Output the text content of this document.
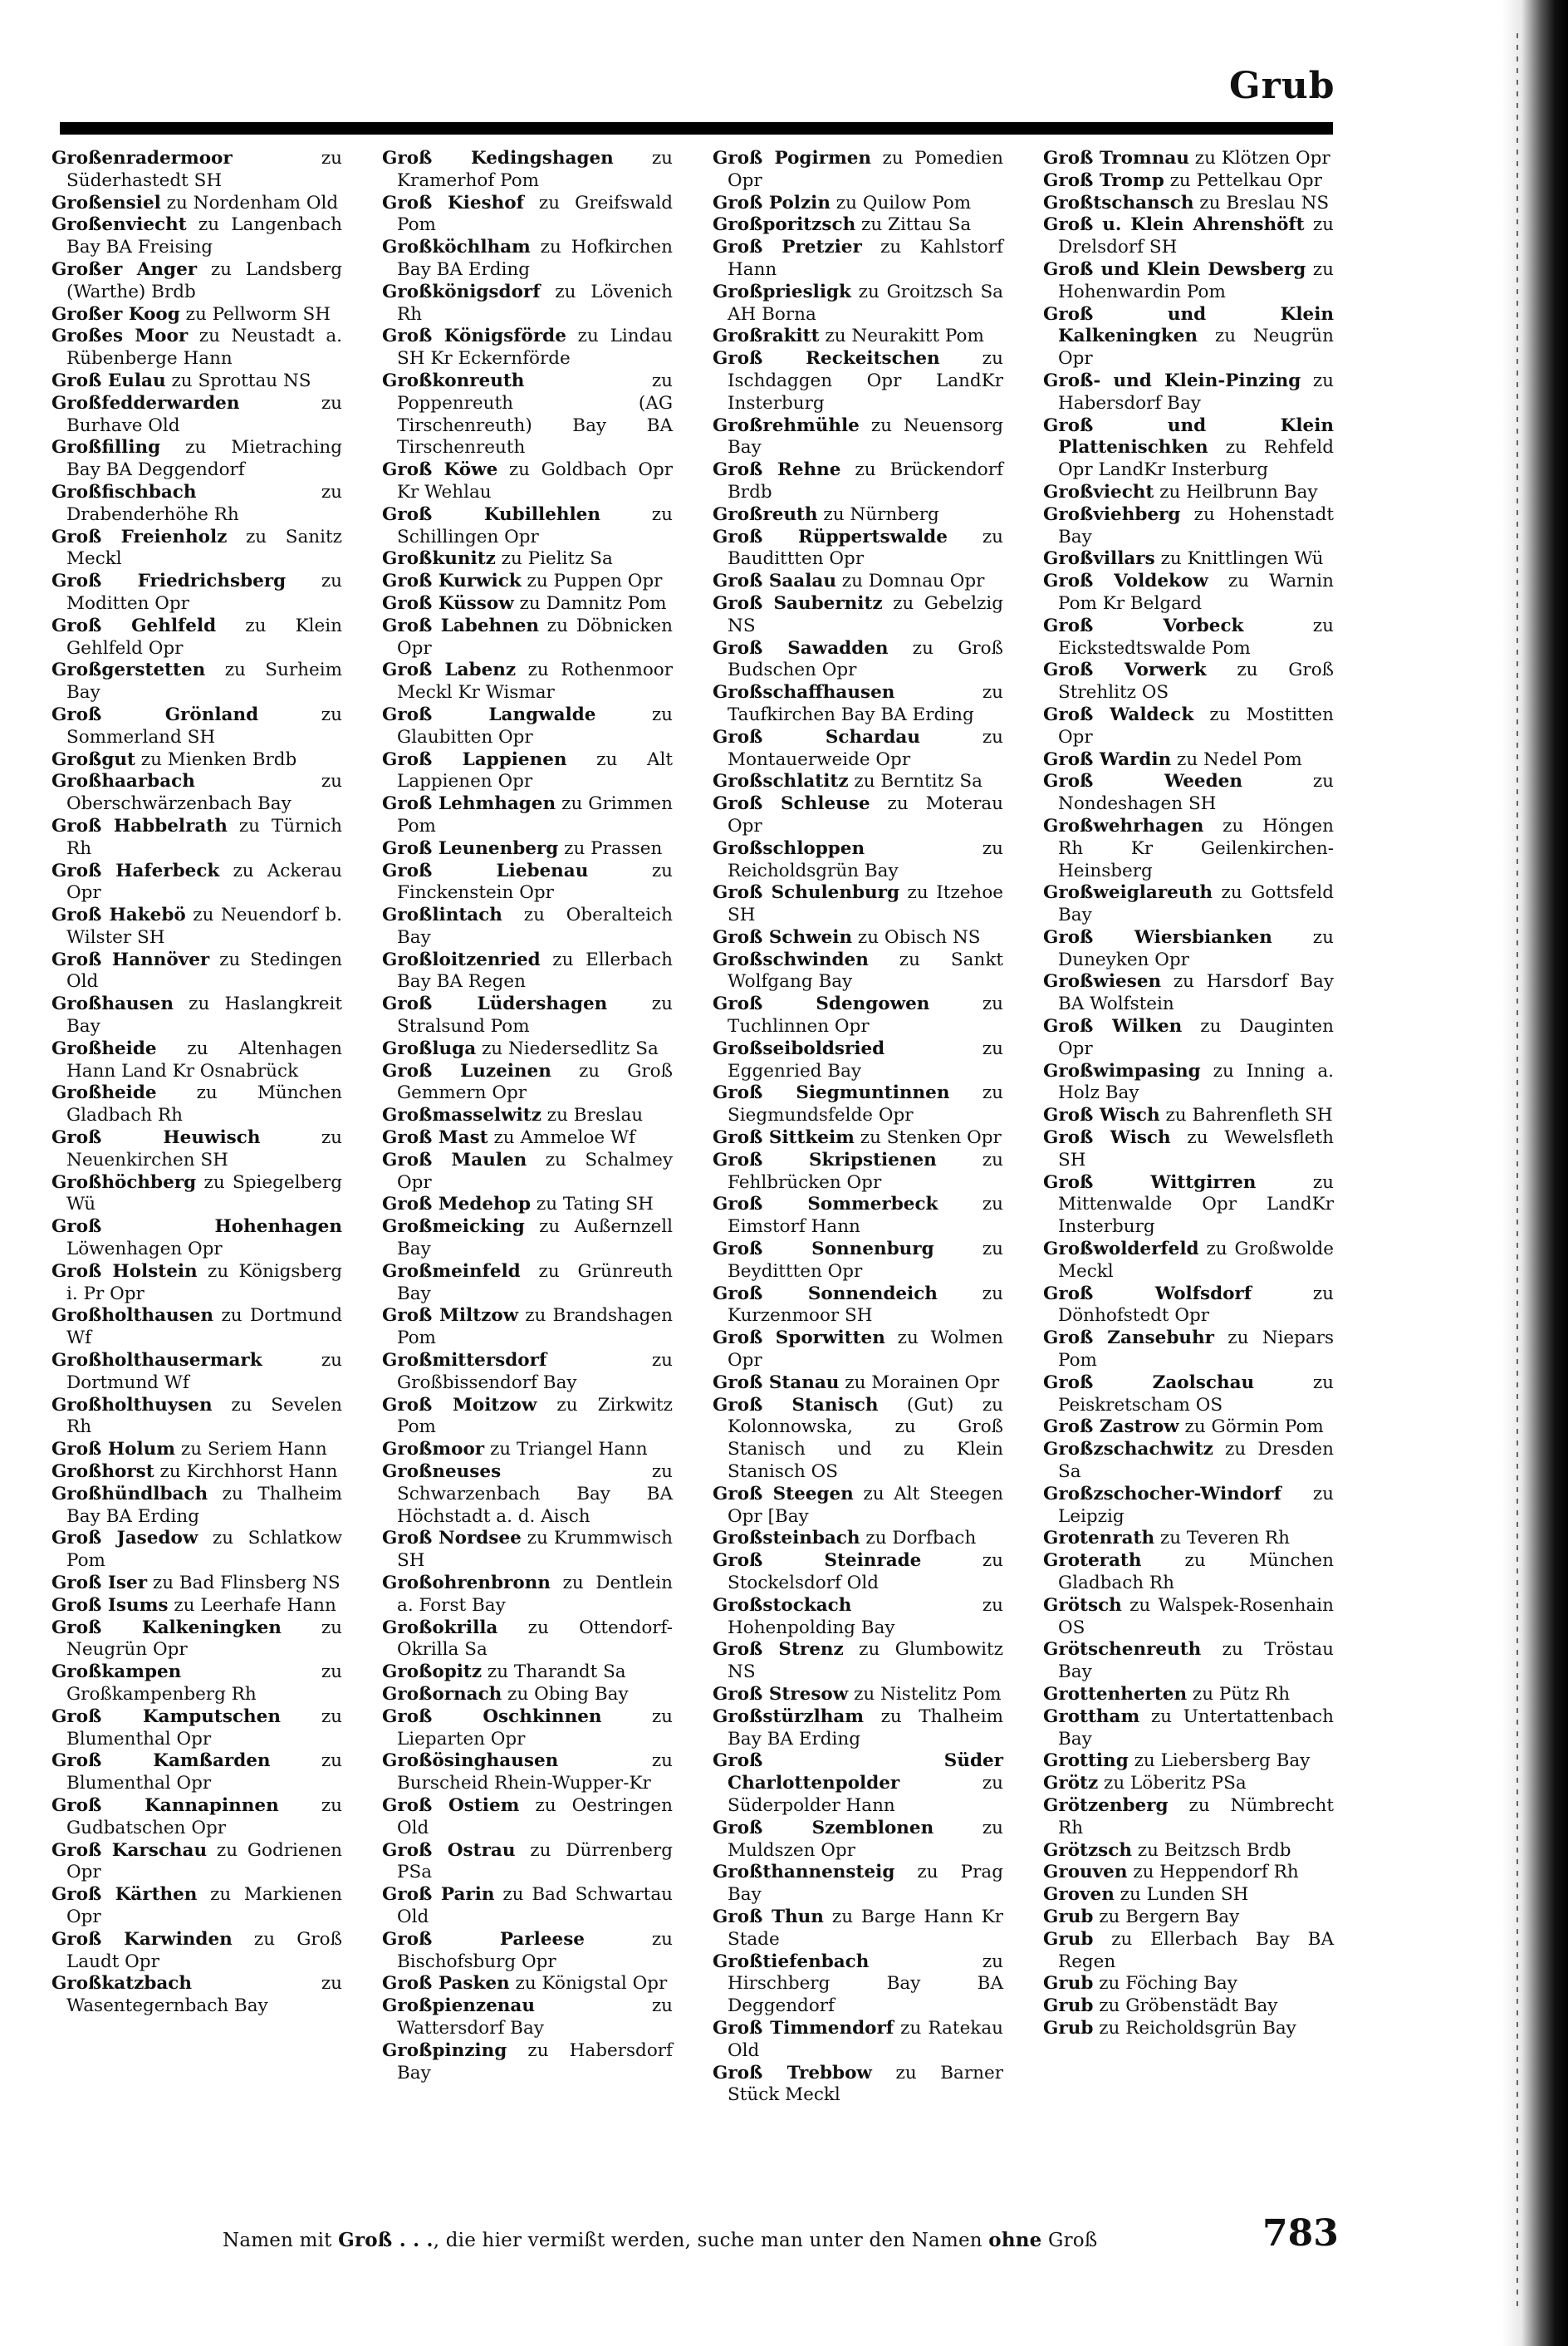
Grub
Großenradermoor zu Süderhastedt SH
Großensiel zu Nordenham Old
Großenviecht zu Langenbach Bay BA Freising
Großer Anger zu Landsberg (Warthe) Brdb
Großer Koog zu Pellworm SH
Großes Moor zu Neustadt a. Rübenberge Hann
Groß Eulau zu Sprottau NS
Großfedderwarden zu Burhave Old
Großfilling zu Mietraching Bay BA Deggendorf
Großfischbach zu Drabenderhöhe Rh
Groß Freienholz zu Sanitz Meckl
Groß Friedrichsberg zu Moditten Opr
Groß Gehlfeld zu Klein Gehlfeld Opr
Großgerstetten zu Surheim Bay
Groß Grönland zu Sommerland SH
Großgut zu Mienken Brdb
Großhaarbach zu Oberschwärzenbach Bay
Groß Habbelrath zu Türnich Rh
Groß Haferbeck zu Ackerau Opr
Groß Hakebö zu Neuendorf b. Wilster SH
Groß Hannöver zu Stedingen Old
Großhausen zu Haslangkreit Bay
Großheide zu Altenhagen Hann Land Kr Osnabrück
Großheide zu München Gladbach Rh
Groß Heuwisch zu Neuenkirchen SH
Großhöchberg zu Spiegelberg Wü
Groß Hohenhagen Löwenhagen Opr
Groß Holstein zu Königsberg i. Pr Opr
Großholthausen zu Dortmund Wf
Großholthausermark zu Dortmund Wf
Großholthuysen zu Sevelen Rh
Groß Holum zu Seriem Hann
Großhorst zu Kirchhorst Hann
Großhündlbach zu Thalheim Bay BA Erding
Groß Jasedow zu Schlatkow Pom
Groß Iser zu Bad Flinsberg NS
Groß Isums zu Leerhafe Hann
Groß Kalkeningken zu Neugrün Opr
Großkampen zu Großkampenberg Rh
Groß Kamputschen zu Blumenthal Opr
Groß Kamßarden zu Blumenthal Opr
Groß Kannapinnen zu Gudbatschen Opr
Groß Karschau zu Godrienen Opr
Groß Kärthen zu Markienen Opr
Groß Karwinden zu Groß Laudt Opr
Großkatzbach zu Wasentegernbach Bay
Groß Kedingshagen zu Kramerhof Pom
Groß Kieshof zu Greifswald Pom
Großköchlham zu Hofkirchen Bay BA Erding
Großkönigsdorf zu Lövenich Rh
Groß Königsförde zu Lindau SH Kr Eckernförde
Großkonreuth zu Poppenreuth (AG Tirschenreuth) Bay BA Tirschenreuth
Groß Köwe zu Goldbach Opr Kr Wehlau
Groß Kubillehlen zu Schillingen Opr
Großkunitz zu Pielitz Sa
Groß Kurwick zu Puppen Opr
Groß Küssow zu Damnitz Pom
Groß Labehnen zu Döbnicken Opr
Groß Labenz zu Rothenmoor Meckl Kr Wismar
Groß Langwalde zu Glaubitten Opr
Groß Lappienen zu Alt Lappienen Opr
Groß Lehmhagen zu Grimmen Pom
Groß Leunenberg zu Prassen
Groß Liebenau zu Finckenstein Opr
Großlintach zu Oberalteich Bay
Großloitzenried zu Ellerbach Bay BA Regen
Groß Lüdershagen zu Stralsund Pom
Großluga zu Niedersedlitz Sa
Groß Luzeinen zu Groß Gemmern Opr
Großmasselwitz zu Breslau
Groß Mast zu Ammeloe Wf
Groß Maulen zu Schalmey Opr
Groß Medehop zu Tating SH
Großmeicking zu Außernzell Bay
Großmeinfeld zu Grünreuth Bay
Groß Miltzow zu Brandshagen Pom
Großmittersdorf zu Großbissendorf Bay
Groß Moitzow zu Zirkwitz Pom
Großmoor zu Triangel Hann
Großneuses zu Schwarzenbach Bay BA Höchstadt a. d. Aisch
Groß Nordsee zu Krummwisch SH
Großohrenbronn zu Dentlein a. Forst Bay
Großokrilla zu Ottendorf-Okrilla Sa
Großopitz zu Tharandt Sa
Großornach zu Obing Bay
Groß Oschkinnen zu Lieparten Opr
Großösinghausen zu Burscheid Rhein-Wupper-Kr
Groß Ostiem zu Oestringen Old
Groß Ostrau zu Dürrenberg PSa
Groß Parin zu Bad Schwartau Old
Groß Parleese zu Bischofsburg Opr
Groß Pasken zu Königstal Opr
Großpienzenau zu Wattersdorf Bay
Großpinzing zu Habersdorf Bay
Groß Pogirmen zu Pomedien Opr
Groß Polzin zu Quilow Pom
Großporitzsch zu Zittau Sa
Groß Pretzier zu Kahlstorf Hann
Großpriesligk zu Groitzsch Sa AH Borna
Großrakitt zu Neurakitt Pom
Groß Reckeitschen zu Ischdaggen Opr LandKr Insterburg
Großrehmühle zu Neuensorg Bay
Groß Rehne zu Brückendorf Brdb
Großreuth zu Nürnberg
Groß Rüppertswalde zu Baudittten Opr
Groß Saalau zu Domnau Opr
Groß Saubernitz zu Gebelzig NS
Groß Sawadden zu Groß Budschen Opr
Großschaffhausen zu Taufkirchen Bay BA Erding
Groß Schardau zu Montauerweide Opr
Großschlatitz zu Berntitz Sa
Groß Schleuse zu Moterau Opr
Großschloppen zu Reicholdsgrün Bay
Groß Schulenburg zu Itzehoe SH
Groß Schwein zu Obisch NS
Großschwinden zu Sankt Wolfgang Bay
Groß Sdengowen zu Tuchlinnen Opr
Großseiboldsried zu Eggenried Bay
Groß Siegmuntinnen zu Siegmundsfelde Opr
Groß Sittkeim zu Stenken Opr
Groß Skripstienen zu Fehlbrücken Opr
Groß Sommerbeck zu Eimstorf Hann
Groß Sonnenburg zu Beydittten Opr
Groß Sonnendeich zu Kurzenmoor SH
Groß Sporwitten zu Wolmen Opr
Groß Stanau zu Morainen Opr
Groß Stanisch (Gut) zu Kolonnowska, zu Groß Stanisch und zu Klein Stanisch OS
Groß Steegen zu Alt Steegen Opr [Bay
Großsteinbach zu Dorfbach
Groß Steinrade zu Stockelsdorf Old
Großstockach zu Hohenpolding Bay
Groß Strenz zu Glumbowitz NS
Groß Stresow zu Nistelitz Pom
Großstürzlham zu Thalheim Bay BA Erding
Groß Süder Charlottenpolder zu Süderpolder Hann
Groß Szemblonen zu Muldszen Opr
Großthannensteig zu Prag Bay
Groß Thun zu Barge Hann Kr Stade
Großtiefenbach zu Hirschberg Bay BA Deggendorf
Groß Timmendorf zu Ratekau Old
Groß Trebbow zu Barner Stück Meckl
Groß Tromnau zu Klötzen Opr
Groß Tromp zu Pettelkau Opr
Großtschansch zu Breslau NS
Groß u. Klein Ahrenshöft zu Drelsdorf SH
Groß und Klein Dewsberg zu Hohenwardin Pom
Groß und Klein Kalkeningken zu Neugrün Opr
Groß- und Klein-Pinzing zu Habersdorf Bay
Groß und Klein Plattenischken zu Rehfeld Opr LandKr Insterburg
Großviecht zu Heilbrunn Bay
Großviehberg zu Hohenstadt Bay
Großvillars zu Knittlingen Wü
Groß Voldekow zu Warnin Pom Kr Belgard
Groß Vorbeck zu Eickstedtswalde Pom
Groß Vorwerk zu Groß Strehlitz OS
Groß Waldeck zu Mostitten Opr
Groß Wardin zu Nedel Pom
Groß Weeden zu Nondeshagen SH
Großwehrhagen zu Höngen Rh Kr Geilenkirchen-Heinsberg
Großweiglareuth zu Gottsfeld Bay
Groß Wiersbianken zu Duneyken Opr
Großwiesen zu Harsdorf Bay BA Wolfstein
Groß Wilken zu Dauginten Opr
Großwimpasing zu Inning a. Holz Bay
Groß Wisch zu Bahrenfleth SH
Groß Wisch zu Wewelsfleth SH
Groß Wittgirren zu Mittenwalde Opr LandKr Insterburg
Großwolderfeld zu Großwolde Meckl
Groß Wolfsdorf zu Dönhofstedt Opr
Groß Zansebuhr zu Niepars Pom
Groß Zaolschau zu Peiskretscham OS
Groß Zastrow zu Görmin Pom
Großzschachwitz zu Dresden Sa
Großzschocher-Windorf zu Leipzig
Grotenrath zu Teveren Rh
Groterath zu München Gladbach Rh
Grötsch zu Walspek-Rosenhain OS
Grötschenreuth zu Tröstau Bay
Grottenherten zu Pütz Rh
Grottham zu Untertattenbach Bay
Grotting zu Liebersberg Bay
Grötz zu Löberitz PSa
Grötzenberg zu Nümbrecht Rh
Grötzsch zu Beitzsch Brdb
Grouven zu Heppendorf Rh
Groven zu Lunden SH
Grub zu Bergern Bay
Grub zu Ellerbach Bay BA Regen
Grub zu Föching Bay
Grub zu Gröbenstädt Bay
Grub zu Reicholdsgrün Bay
Namen mit Groß . . ., die hier vermißt werden, suche man unter den Namen ohne Groß	783
